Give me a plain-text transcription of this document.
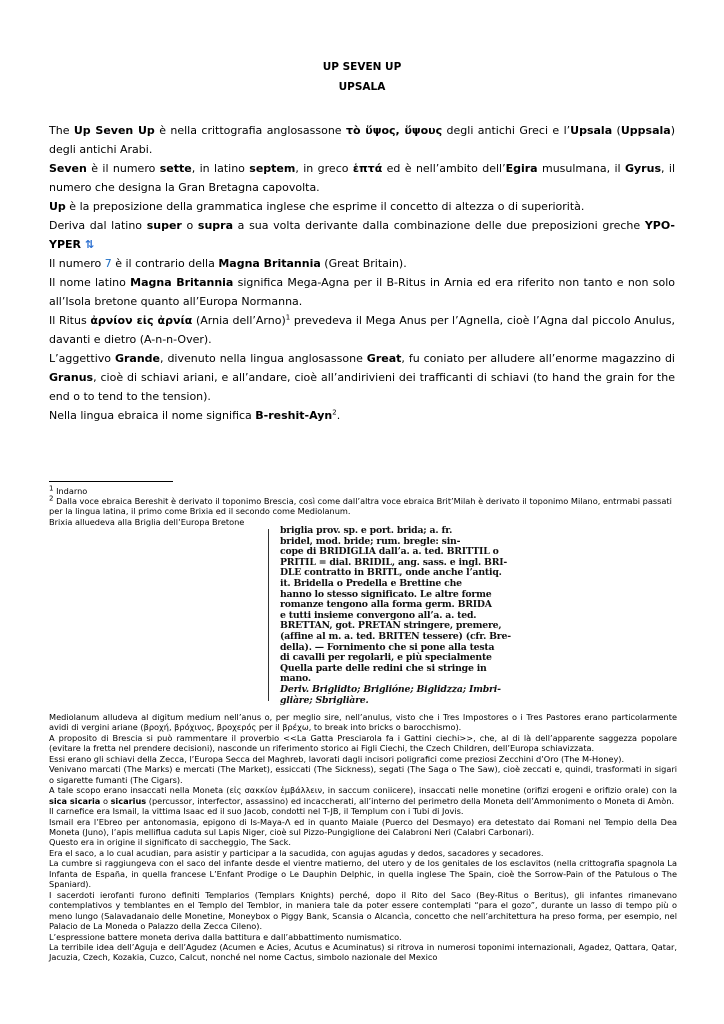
UP SEVEN UP
UPSALA

The Up Seven Up è nella crittografia anglosassone τὸ ὕψος, ὕψους degli antichi Greci e l’Upsala (Uppsala) degli antichi Arabi.

Seven è il numero sette, in latino septem, in greco ἑπτά ed è nell’ambito dell’Egira musulmana, il Gyrus, il numero che designa la Gran Bretagna capovolta.

Up è la preposizione della grammatica inglese che esprime il concetto di altezza o di superiorità.

Deriva dal latino super o supra a sua volta derivante dalla combinazione delle due preposizioni greche YPO-YPER ⇅

Il numero 7 è il contrario della Magna Britannia (Great Britain).

Il nome latino Magna Britannia significa Mega-Agna per il B-Ritus in Arnia ed era riferito non tanto e non solo all’Isola bretone quanto all’Europa Normanna.

Il Ritus ἀρνίον εἰς ἀρνία (Arnia dell’Arno)$^1$ prevedeva il Mega Anus per l’Agnella, cioè l’Agna dal piccolo Anulus, davanti e dietro (A-n-n-Over).

L’aggettivo Grande, divenuto nella lingua anglosassone Great, fu coniato per alludere all’enorme magazzino di Granus, cioè di schiavi ariani, e all’andare, cioè all’andirivieni dei trafficanti di schiavi (to hand the grain for the end o to tend to the tension).

Nella lingua ebraica il nome significa B-reshit-Ayn$^2$.

$^1$ Indarno
$^2$ Dalla voce ebraica Bereshit è derivato il toponimo Brescia, così come dall’altra voce ebraica Brit’Milah è derivato il toponimo Milano, entrmabi passati per la lingua latina, il primo come Brixia ed il secondo come Mediolanum.
Brixia alluedeva alla Briglia dell’Europa Bretone
briglia prov. sp. e port. brida; a. fr.
bridel, mod. bride; rum. bregle: sin-
cope di BRIDIGLIA dall’a. a. ted. BRITTIL o
PRITIL = dial. BRIDIL, ang. sass. e ingl. BRI-
DLE contratto in BRITL, onde anche l’antiq.
it. Bridella o Predella e Brettine che
hanno lo stesso significato. Le altre forme
romanze tengono alla forma germ. BRIDA
e tutti insieme convergono all’a. a. ted.
BRETTAN, got. PRETAN stringere, premere,
(affine al m. a. ted. BRITEN tessere) (cfr. Bre-
della). — Fornimento che si pone alla testa
di cavalli per regolarli, e più specialmente
Quella parte delle redini che si stringe in
mano.
Deriv. Briglidto; Briglióne; Biglidzza; Imbri-
gliàre; Sbrigliàre.

Mediolanum alludeva al digitum medium nell’anus o, per meglio sire, nell’anulus, visto che i Tres Impostores o i Tres Pastores erano particolarmente avidi di vergini ariane (βροχή, βρόχινος, βροχερός per il βρέχω, to break into bricks o barocchismo).

A proposito di Brescia si può rammentare il proverbio <<La Gatta Presciarola fa i Gattini ciechi>>, che, al di là dell’apparente saggezza popolare (evitare la fretta nel prendere decisioni), nasconde un riferimento storico ai Figli Ciechi, the Czech Children, dell’Europa schiavizzata.

Essi erano gli schiavi della Zecca, l’Europa Secca del Maghreb, lavorati dagli incisori poligrafici come preziosi Zecchini d’Oro (The M-Honey).

Venivano marcati (The Marks) e mercati (The Market), essiccati (The Sickness), segati (The Saga o The Saw), cioè zeccati e, quindi, trasformati in sigari o sigarette fumanti (The Cigars).

A tale scopo erano insaccati nella Moneta (εἰς σακκίον ἐμβάλλειν, in saccum coniicere), insaccati nelle monetine (orifizi erogeni e orifizio orale) con la sica sicaria o sicarius (percussor, interfector, assassino) ed incaccherati, all’interno del perimetro della Moneta dell’Ammonimento o Moneta di Amòn.

Il carnefice era Ismail, la vittima Isaac ed il suo Jacob, condotti nel T-JB, il Templum con i Tubi di Jovis.

Ismail era l’Ebreo per antonomasia, epigono di Is-Maya-Λ ed in quanto Maiale (Puerco del Desmayo) era detestato dai Romani nel Tempio della Dea Moneta (Juno), l’apis melliflua caduta sul Lapis Niger, cioè sul Pizzo-Pungiglione dei Calabroni Neri (Calabri Carbonari).

Questo era in origine il significato di saccheggio, The Sack.

Era el saco, a lo cual acudian, para asistir y participar a la sacudida, con agujas agudas y dedos, sacadores y secadores.

La cumbre si raggiungeva con el saco del infante desde el vientre matierno, del utero y de los genitales de los esclavitos (nella crittografia spagnola La Infanta de España, in quella francese L’Enfant Prodige o Le Dauphin Delphic, in quella inglese The Spain, cioè the Sorrow-Pain of the Patulous o The Spaniard).

I sacerdoti ierofanti furono definiti Templarios (Templars Knights) perché, dopo il Rito del Saco (Bey-Ritus o Beritus), gli infantes rimanevano contemplativos y temblantes en el Templo del Temblor, in maniera tale da poter essere contemplati “para el gozo”, durante un lasso di tempo più o meno lungo (Salavadanaio delle Monetine, Moneybox o Piggy Bank, Scansia o Alcancìa, concetto che nell’architettura ha preso forma, per esempio, nel Palacio de La Moneda o Palazzo della Zecca Cileno).

L’espressione battere moneta deriva dalla battitura e dall’abbattimento numismatico.

La terribile idea dell’Aguja e dell’Agudez (Acumen e Acies, Acutus e Acuminatus) si ritrova in numerosi toponimi internazionali, Agadez, Qattara, Qatar, Jacuzia, Czech, Kozakia, Cuzco, Calcut, nonché nel nome Cactus, simbolo nazionale del Mexico
